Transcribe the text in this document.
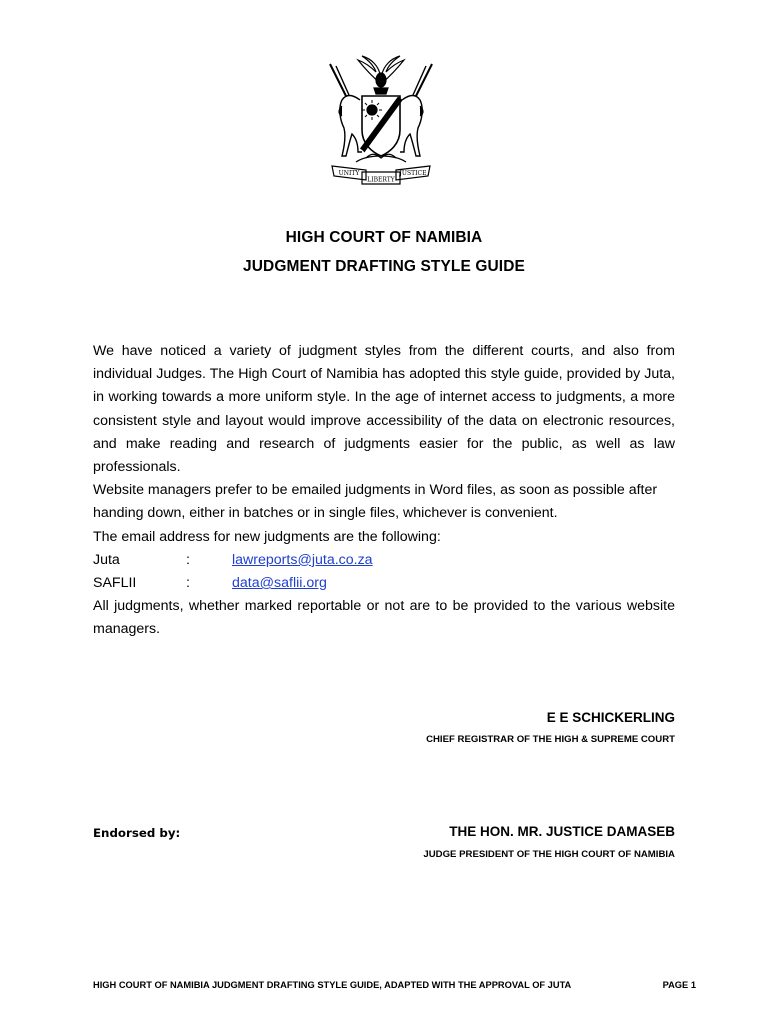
UNITY
LIBERTY
JUSTICE
HIGH COURT OF NAMIBIA
JUDGMENT DRAFTING STYLE GUIDE

We have noticed a variety of judgment styles from the different courts, and also from individual Judges. The High Court of Namibia has adopted this style guide, provided by Juta, in working towards a more uniform style. In the age of internet access to judgments, a more consistent style and layout would improve accessibility of the data on electronic resources, and make reading and research of judgments easier for the public, as well as law professionals.

Website managers prefer to be emailed judgments in Word files, as soon as possible after handing down, either in batches or in single files, whichever is convenient.

The email address for new judgments are the following:

Juta	:	lawreports@juta.co.za
SAFLII	:	data@saflii.org

All judgments, whether marked reportable or not are to be provided to the various website managers.

E E SCHICKERLING
CHIEF REGISTRAR OF THE HIGH & SUPREME COURT
Endorsed by:	THE HON. MR. JUSTICE DAMASEB
JUDGE PRESIDENT OF THE HIGH COURT OF NAMIBIA
HIGH COURT OF NAMIBIA JUDGMENT DRAFTING STYLE GUIDE, ADAPTED WITH THE APPROVAL OF JUTA	PAGE 1
